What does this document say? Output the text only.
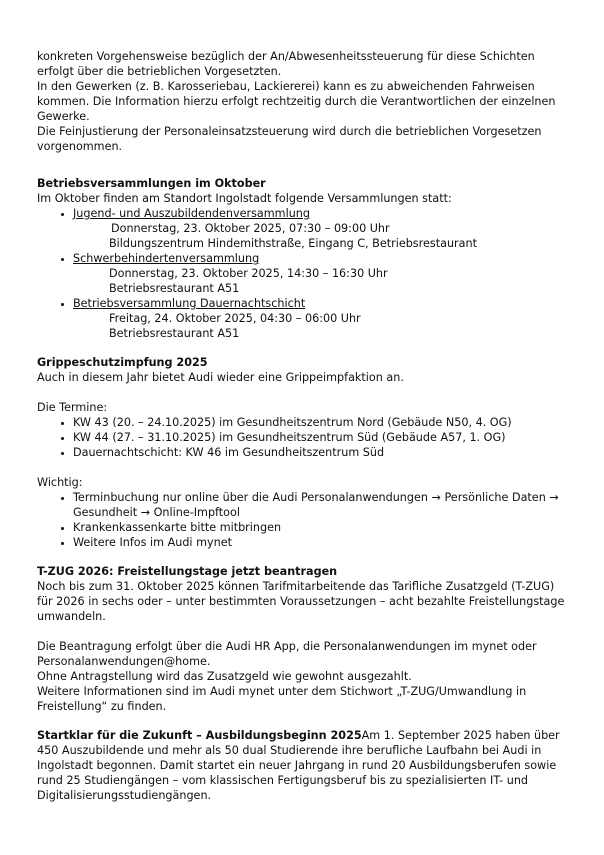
konkreten Vorgehensweise bezüglich der An/Abwesenheitssteuerung für diese Schichten erfolgt über die betrieblichen Vorgesetzten.

In den Gewerken (z. B. Karosseriebau, Lackiererei) kann es zu abweichenden Fahrweisen kommen. Die Information hierzu erfolgt rechtzeitig durch die Verantwortlichen der einzelnen Gewerke.

Die Feinjustierung der Personaleinsatzsteuerung wird durch die betrieblichen Vorgesetzen vorgenommen.

Betriebsversammlungen im Oktober

Im Oktober finden am Standort Ingolstadt folgende Versammlungen statt:

• Jugend- und Auszubildendenversammlung
Donnerstag, 23. Oktober 2025, 07:30 – 09:00 Uhr
Bildungszentrum Hindemithstraße, Eingang C, Betriebsrestaurant
• Schwerbehindertenversammlung
Donnerstag, 23. Oktober 2025, 14:30 – 16:30 Uhr
Betriebsrestaurant A51
• Betriebsversammlung Dauernachtschicht
Freitag, 24. Oktober 2025, 04:30 – 06:00 Uhr
Betriebsrestaurant A51

Grippeschutzimpfung 2025

Auch in diesem Jahr bietet Audi wieder eine Grippeimpfaktion an.

Die Termine:

• KW 43 (20. – 24.10.2025) im Gesundheitszentrum Nord (Gebäude N50, 4. OG)
• KW 44 (27. – 31.10.2025) im Gesundheitszentrum Süd (Gebäude A57, 1. OG)
• Dauernachtschicht: KW 46 im Gesundheitszentrum Süd

Wichtig:

• Terminbuchung nur online über die Audi Personalanwendungen → Persönliche Daten → Gesundheit → Online-Impftool
• Krankenkassenkarte bitte mitbringen
• Weitere Infos im Audi mynet

T-ZUG 2026: Freistellungstage jetzt beantragen

Noch bis zum 31. Oktober 2025 können Tarifmitarbeitende das Tarifliche Zusatzgeld (T-ZUG) für 2026 in sechs oder – unter bestimmten Voraussetzungen – acht bezahlte Freistellungstage umwandeln.

Die Beantragung erfolgt über die Audi HR App, die Personalanwendungen im mynet oder Personalanwendungen@home.

Ohne Antragstellung wird das Zusatzgeld wie gewohnt ausgezahlt.

Weitere Informationen sind im Audi mynet unter dem Stichwort „T-ZUG/Umwandlung in Freistellung“ zu finden.

Startklar für die Zukunft – Ausbildungsbeginn 2025Am 1. September 2025 haben über 450 Auszubildende und mehr als 50 dual Studierende ihre berufliche Laufbahn bei Audi in Ingolstadt begonnen. Damit startet ein neuer Jahrgang in rund 20 Ausbildungsberufen sowie rund 25 Studiengängen – vom klassischen Fertigungsberuf bis zu spezialisierten IT- und Digitalisierungsstudiengängen.
